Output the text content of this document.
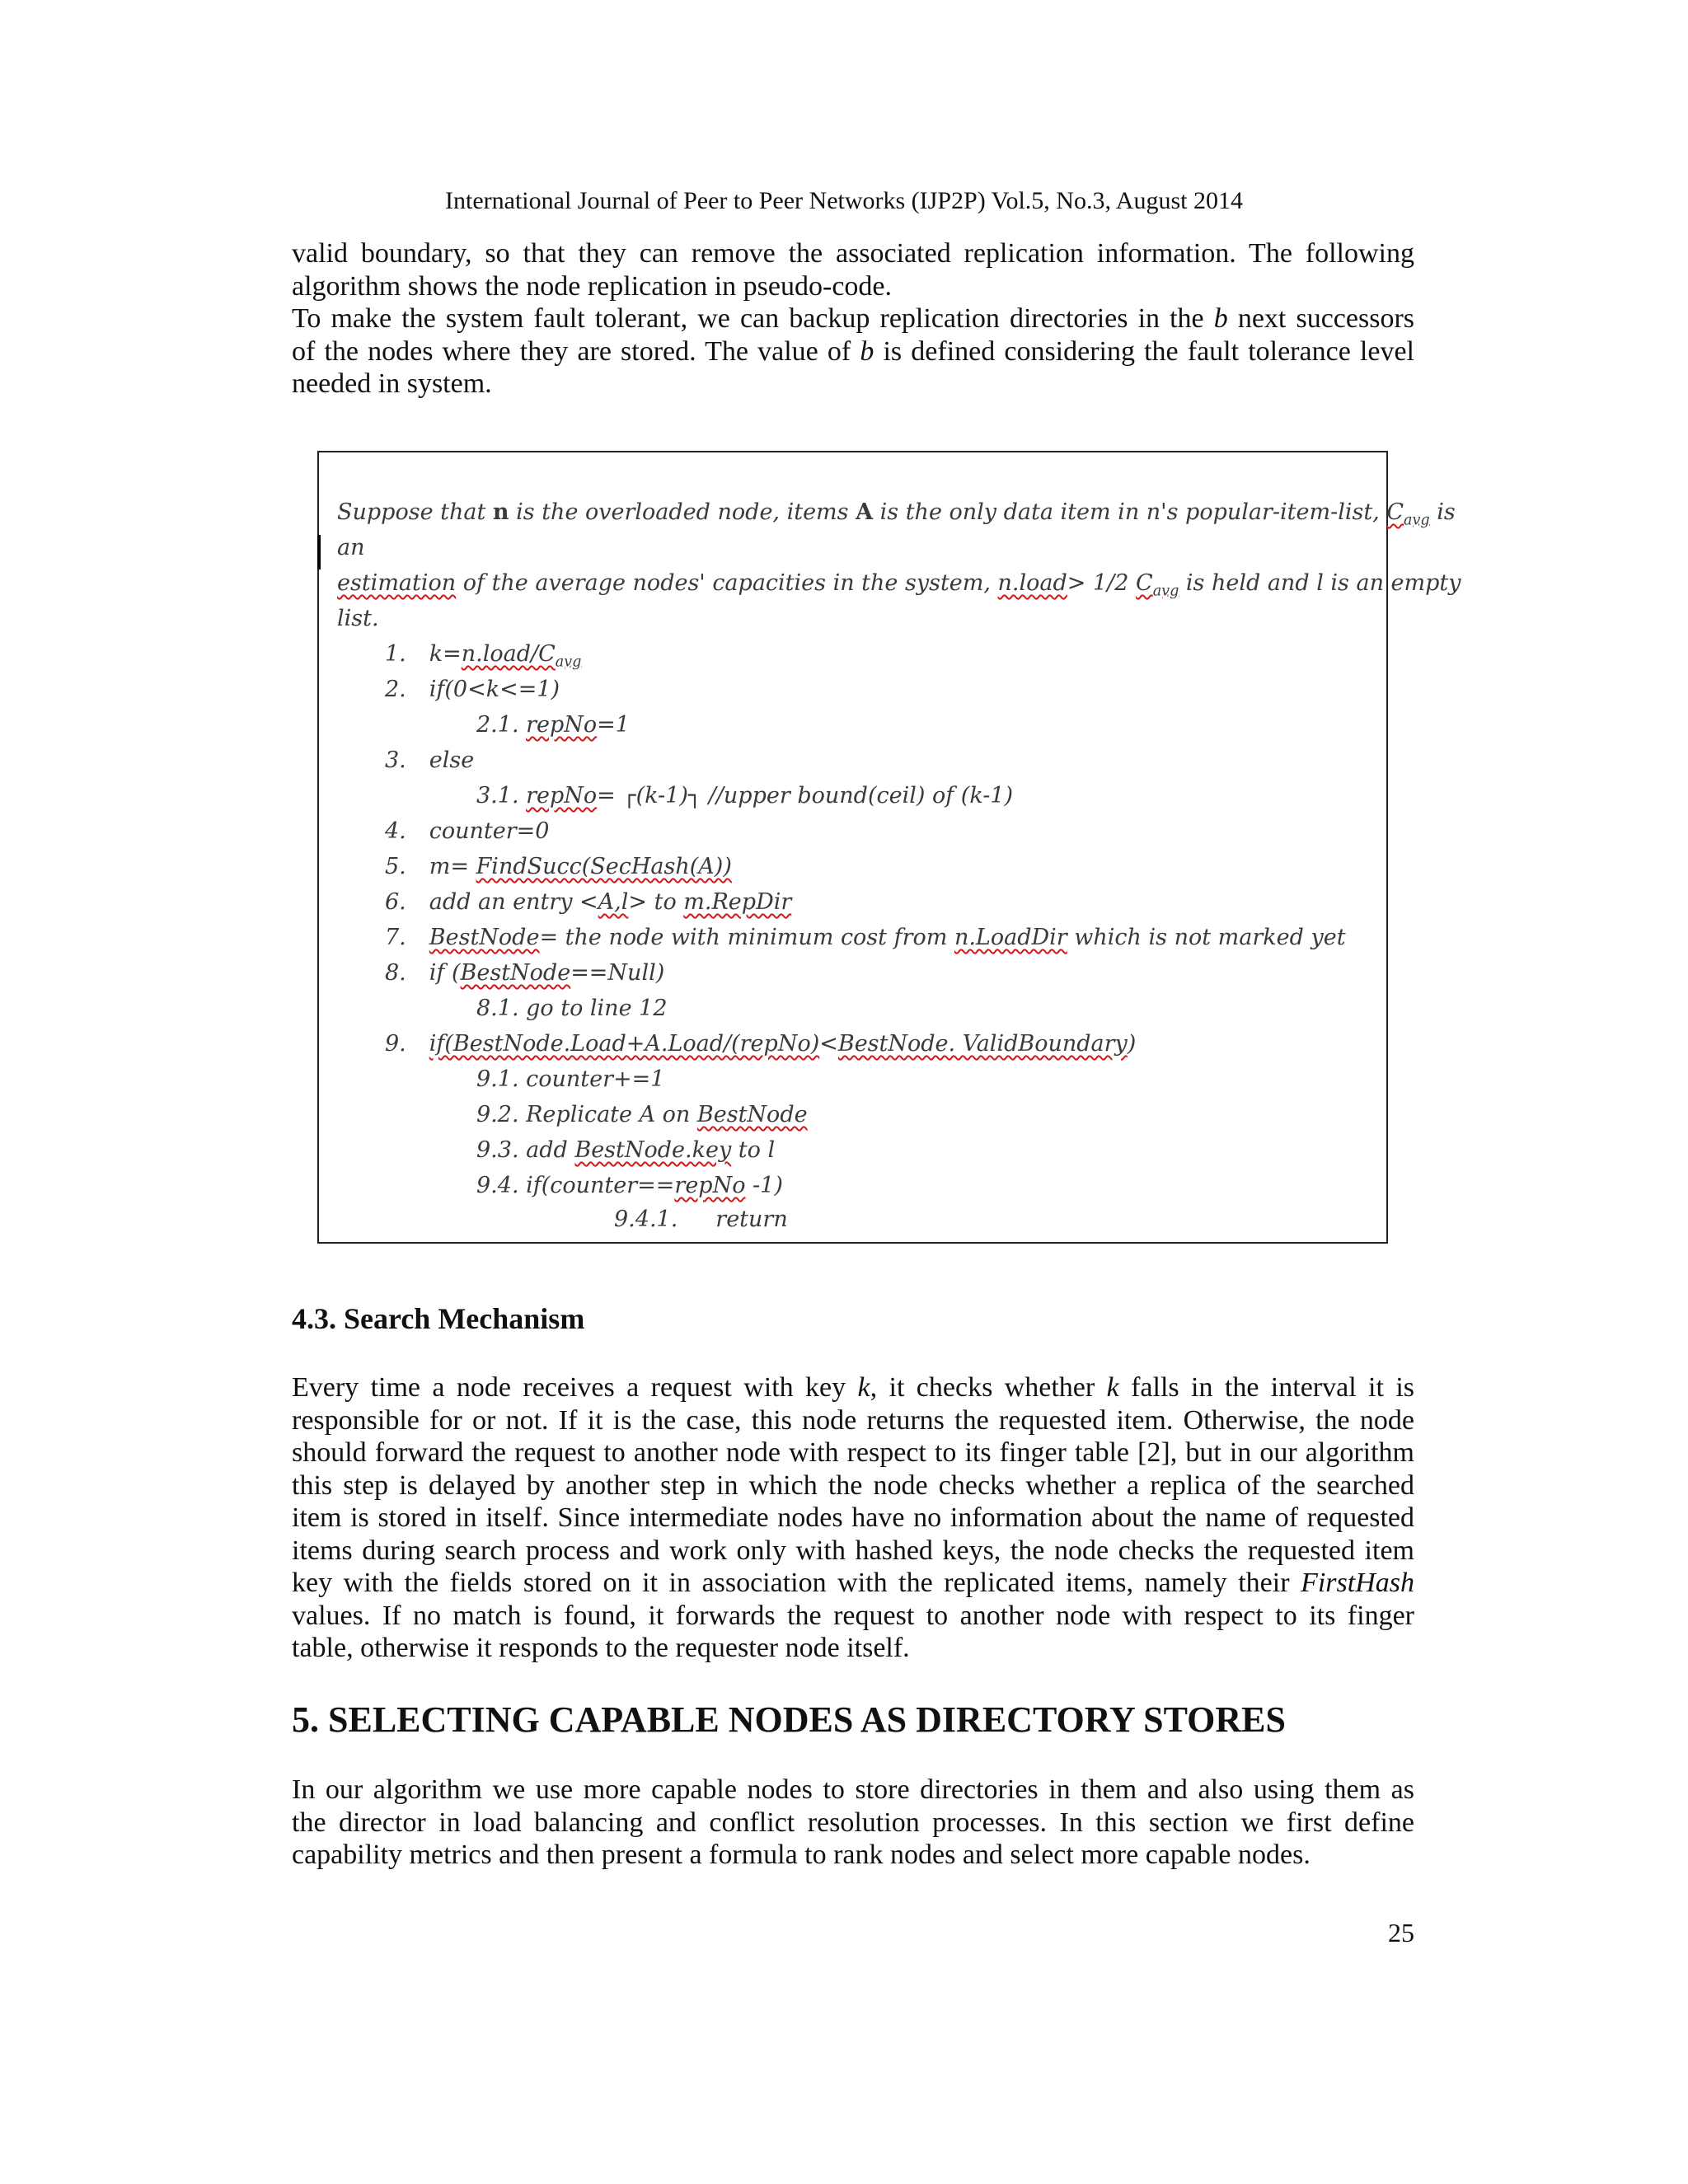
International Journal of Peer to Peer Networks (IJP2P) Vol.5, No.3, August 2014
valid boundary, so that they can remove the associated replication information. The following
algorithm shows the node replication in pseudo-code.
To make the system fault tolerant, we can backup replication directories in the b next successors
of the nodes where they are stored. The value of b is defined considering the fault tolerance level
needed in system.
Suppose that n is the overloaded node, items A is the only data item in n's popular-item-list, $C_{avg}$ is
an
estimation of the average nodes' capacities in the system, n.load> 1/2 $C_{avg}$ is held and l is an empty
list.
1. $k=n.load/C_{avg}$
2. if(0<k<=1)
2.1. repNo=1
3. else
3.1. repNo= ┌(k-1)┐ //upper bound(ceil) of (k-1)
4. counter=0
5. m= FindSucc(SecHash(A))
6. add an entry <A,l> to m.RepDir
7. BestNode= the node with minimum cost from n.LoadDir which is not marked yet
8. if (BestNode==Null)
8.1. go to line 12
9. if(BestNode.Load+A.Load/(repNo)<BestNode. ValidBoundary)
9.1. counter+=1
9.2. Replicate A on BestNode
9.3. add BestNode.key to l
9.4. if(counter==repNo -1)
9.4.1. return
4.3. Search Mechanism
Every time a node receives a request with key k, it checks whether k falls in the interval it is
responsible for or not. If it is the case, this node returns the requested item. Otherwise, the node
should forward the request to another node with respect to its finger table [2], but in our algorithm
this step is delayed by another step in which the node checks whether a replica of the searched
item is stored in itself. Since intermediate nodes have no information about the name of requested
items during search process and work only with hashed keys, the node checks the requested item
key with the fields stored on it in association with the replicated items, namely their FirstHash
values. If no match is found, it forwards the request to another node with respect to its finger
table, otherwise it responds to the requester node itself.
5. SELECTING CAPABLE NODES AS DIRECTORY STORES
In our algorithm we use more capable nodes to store directories in them and also using them as
the director in load balancing and conflict resolution processes. In this section we first define
capability metrics and then present a formula to rank nodes and select more capable nodes.
25
